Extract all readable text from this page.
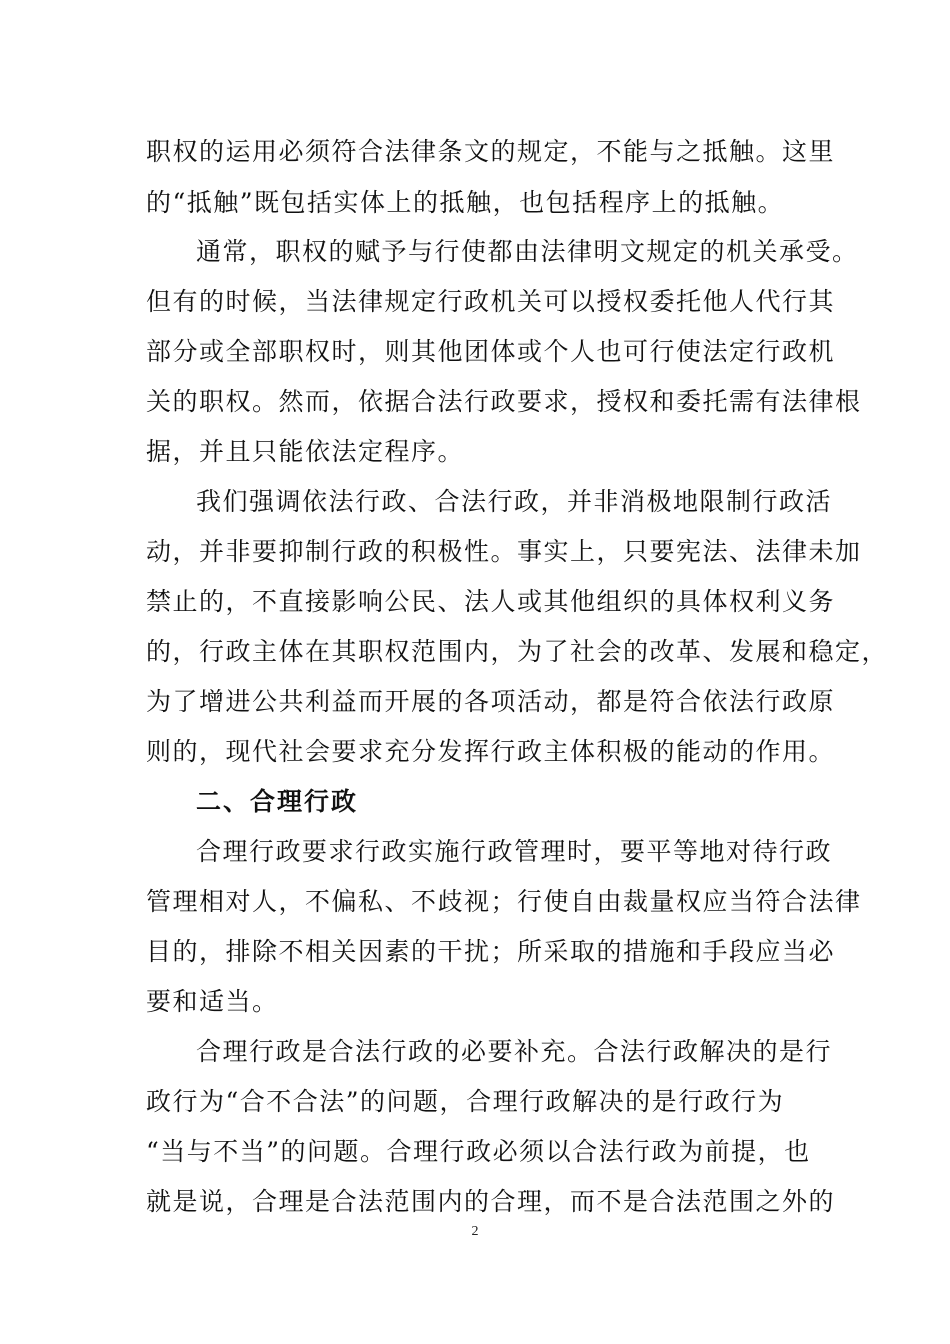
职权的运用必须符合法律条文的规定，不能与之抵触。这里
的“抵触”既包括实体上的抵触，也包括程序上的抵触。
通常，职权的赋予与行使都由法律明文规定的机关承受。
但有的时候，当法律规定行政机关可以授权委托他人代行其
部分或全部职权时，则其他团体或个人也可行使法定行政机
关的职权。然而，依据合法行政要求，授权和委托需有法律根
据，并且只能依法定程序。
我们强调依法行政、合法行政，并非消极地限制行政活
动，并非要抑制行政的积极性。事实上，只要宪法、法律未加
禁止的，不直接影响公民、法人或其他组织的具体权利义务
的，行政主体在其职权范围内，为了社会的改革、发展和稳定，
为了增进公共利益而开展的各项活动，都是符合依法行政原
则的，现代社会要求充分发挥行政主体积极的能动的作用。
二、合理行政
合理行政要求行政实施行政管理时，要平等地对待行政
管理相对人，不偏私、不歧视；行使自由裁量权应当符合法律
目的，排除不相关因素的干扰；所采取的措施和手段应当必
要和适当。
合理行政是合法行政的必要补充。合法行政解决的是行
政行为“合不合法”的问题，合理行政解决的是行政行为
“当与不当”的问题。合理行政必须以合法行政为前提，也
就是说，合理是合法范围内的合理，而不是合法范围之外的
2
